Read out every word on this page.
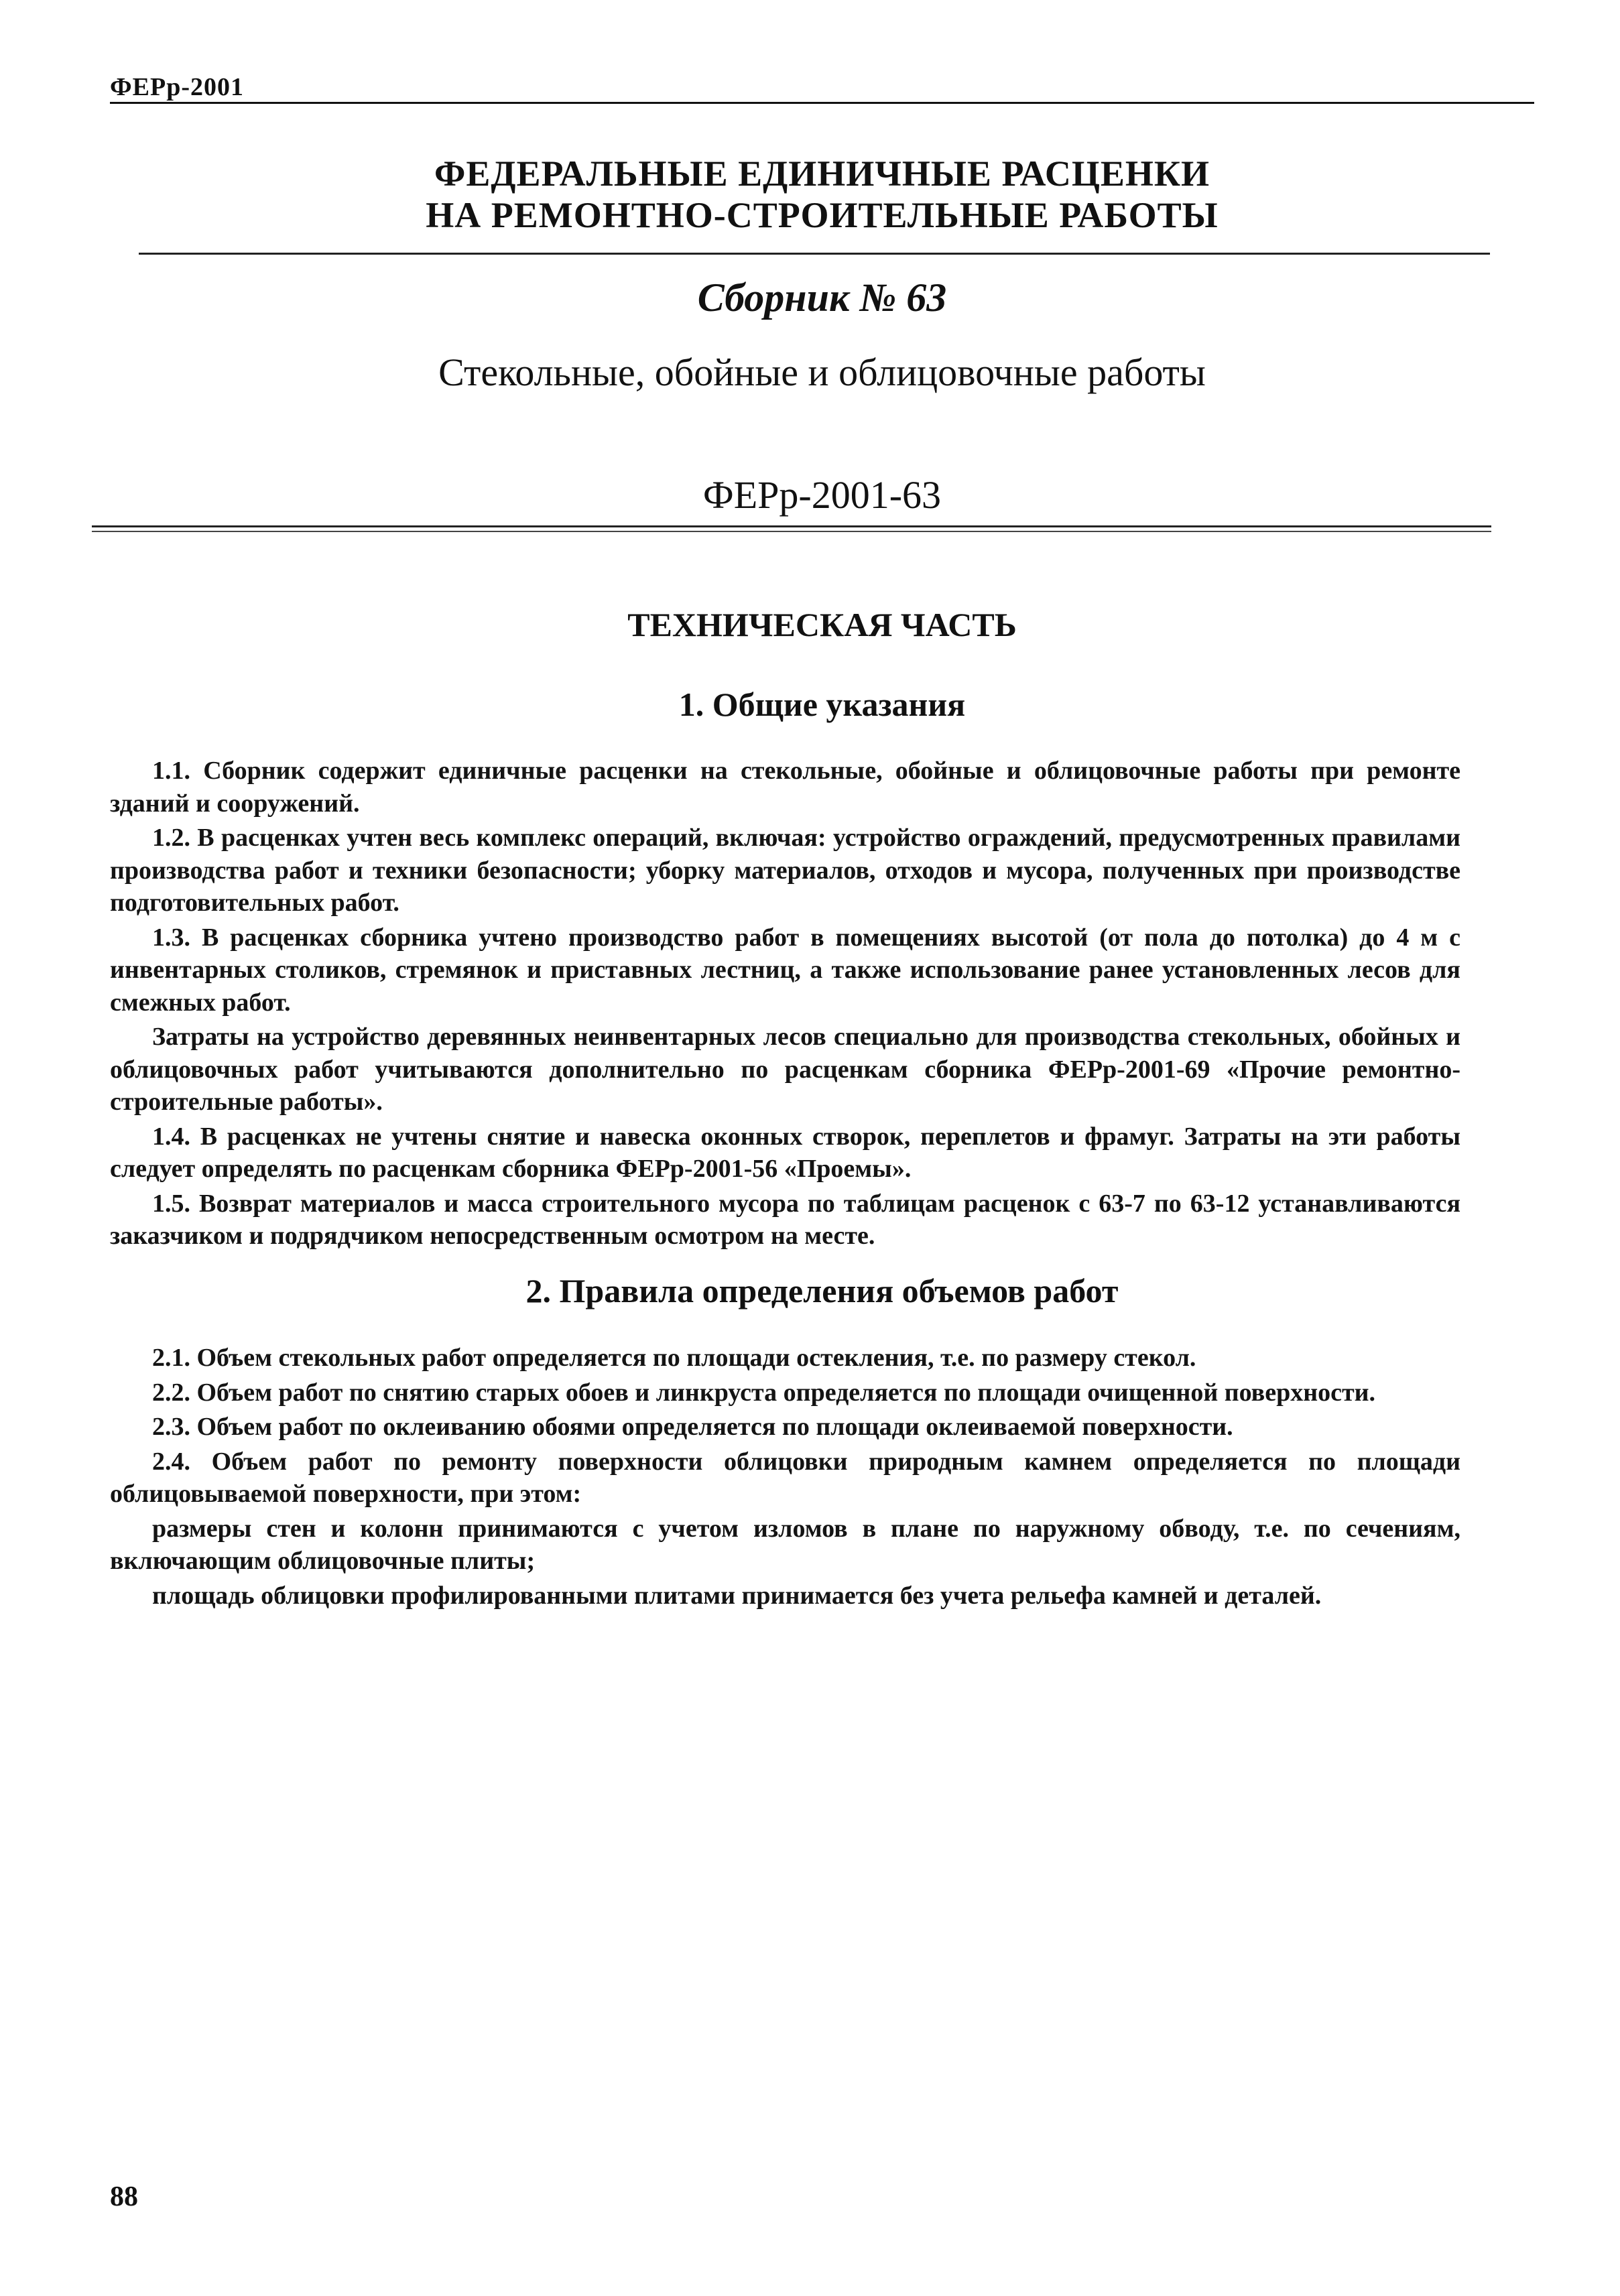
ФЕРр-2001
ФЕДЕРАЛЬНЫЕ ЕДИНИЧНЫЕ РАСЦЕНКИ
НА РЕМОНТНО-СТРОИТЕЛЬНЫЕ РАБОТЫ
Сборник № 63
Стекольные, обойные и облицовочные работы
ФЕРр-2001-63
ТЕХНИЧЕСКАЯ ЧАСТЬ
1. Общие указания

1.1. Сборник содержит единичные расценки на стекольные, обойные и облицовочные работы при ремонте зданий и сооружений.

1.2. В расценках учтен весь комплекс операций, включая: устройство ограждений, предусмотренных правилами производства работ и техники безопасности; уборку материалов, отходов и мусора, полученных при производстве подготовительных работ.

1.3. В расценках сборника учтено производство работ в помещениях высотой (от пола до потолка) до 4 м с инвентарных столиков, стремянок и приставных лестниц, а также использование ранее установленных лесов для смежных работ.

Затраты на устройство деревянных неинвентарных лесов специально для производства стекольных, обойных и облицовочных работ учитываются дополнительно по расценкам сборника ФЕРр-2001-69 «Прочие ремонтно-строительные работы».

1.4. В расценках не учтены снятие и навеска оконных створок, переплетов и фрамуг. Затраты на эти работы следует определять по расценкам сборника ФЕРр-2001-56 «Проемы».

1.5. Возврат материалов и масса строительного мусора по таблицам расценок с 63-7 по 63-12 устанавливаются заказчиком и подрядчиком непосредственным осмотром на месте.

2. Правила определения объемов работ

2.1. Объем стекольных работ определяется по площади остекления, т.е. по размеру стекол.

2.2. Объем работ по снятию старых обоев и линкруста определяется по площади очищенной поверхности.

2.3. Объем работ по оклеиванию обоями определяется по площади оклеиваемой поверхности.

2.4. Объем работ по ремонту поверхности облицовки природным камнем определяется по площади облицовываемой поверхности, при этом:

размеры стен и колонн принимаются с учетом изломов в плане по наружному обводу, т.е. по сечениям, включающим облицовочные плиты;

площадь облицовки профилированными плитами принимается без учета рельефа камней и деталей.

88
